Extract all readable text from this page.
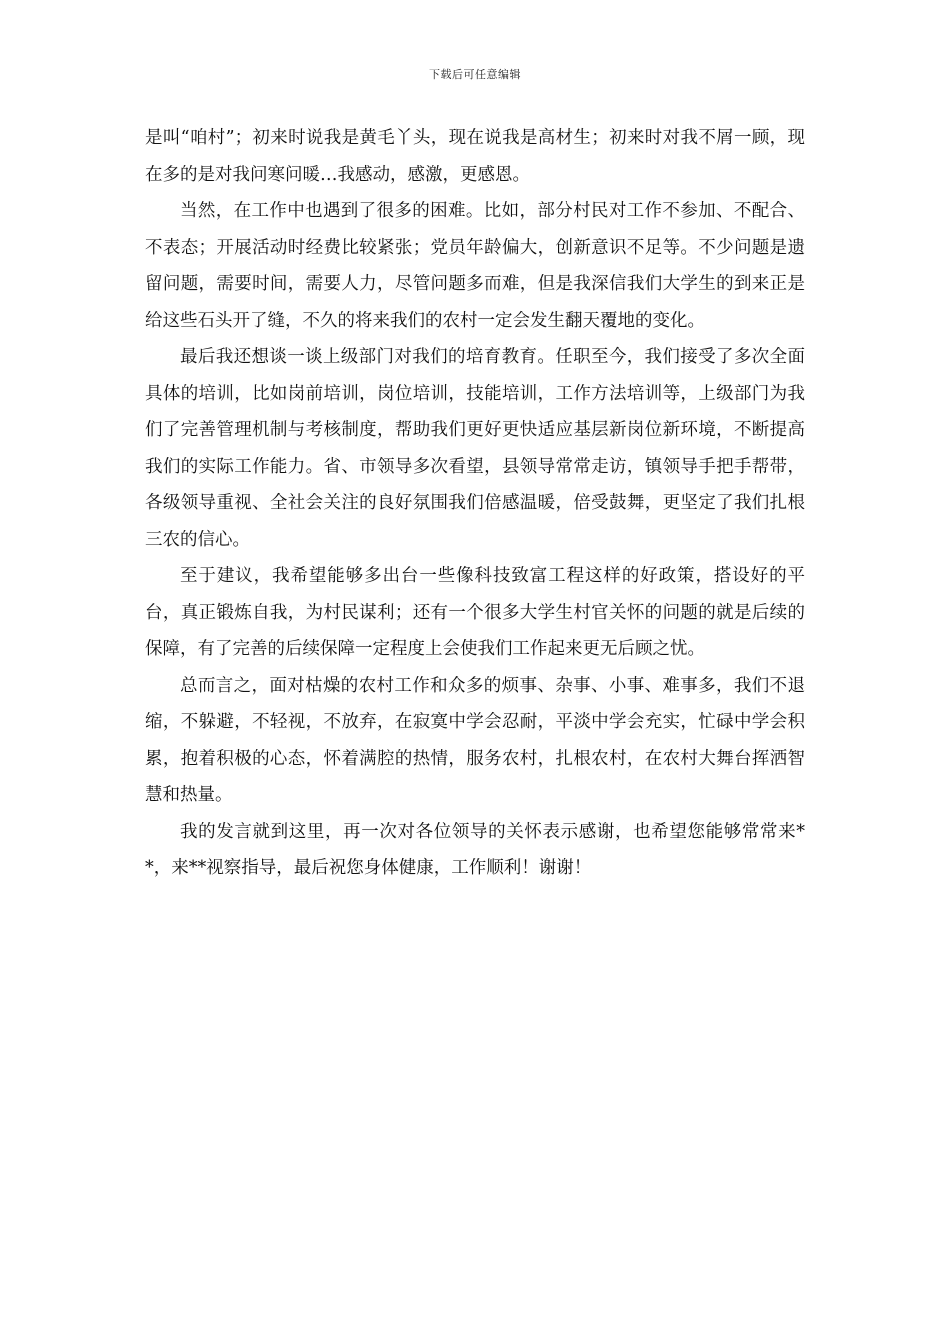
下载后可任意编辑

是叫“咱村”；初来时说我是黄毛丫头，现在说我是高材生；初来时对我不屑一顾，现在多的是对我问寒问暖…我感动，感激，更感恩。

当然，在工作中也遇到了很多的困难。比如，部分村民对工作不参加、不配合、不表态；开展活动时经费比较紧张；党员年龄偏大，创新意识不足等。不少问题是遗留问题，需要时间，需要人力，尽管问题多而难，但是我深信我们大学生的到来正是给这些石头开了缝，不久的将来我们的农村一定会发生翻天覆地的变化。

最后我还想谈一谈上级部门对我们的培育教育。任职至今，我们接受了多次全面具体的培训，比如岗前培训，岗位培训，技能培训，工作方法培训等，上级部门为我们了完善管理机制与考核制度，帮助我们更好更快适应基层新岗位新环境，不断提高我们的实际工作能力。省、市领导多次看望，县领导常常走访，镇领导手把手帮带，各级领导重视、全社会关注的良好氛围我们倍感温暖，倍受鼓舞，更坚定了我们扎根三农的信心。

至于建议，我希望能够多出台一些像科技致富工程这样的好政策，搭设好的平台，真正锻炼自我，为村民谋利；还有一个很多大学生村官关怀的问题的就是后续的保障，有了完善的后续保障一定程度上会使我们工作起来更无后顾之忧。

总而言之，面对枯燥的农村工作和众多的烦事、杂事、小事、难事多，我们不退缩，不躲避，不轻视，不放弃，在寂寞中学会忍耐，平淡中学会充实，忙碌中学会积累，抱着积极的心态，怀着满腔的热情，服务农村，扎根农村，在农村大舞台挥洒智慧和热量。

我的发言就到这里，再一次对各位领导的关怀表示感谢，也希望您能够常常来**，来**视察指导，最后祝您身体健康，工作顺利！谢谢！
